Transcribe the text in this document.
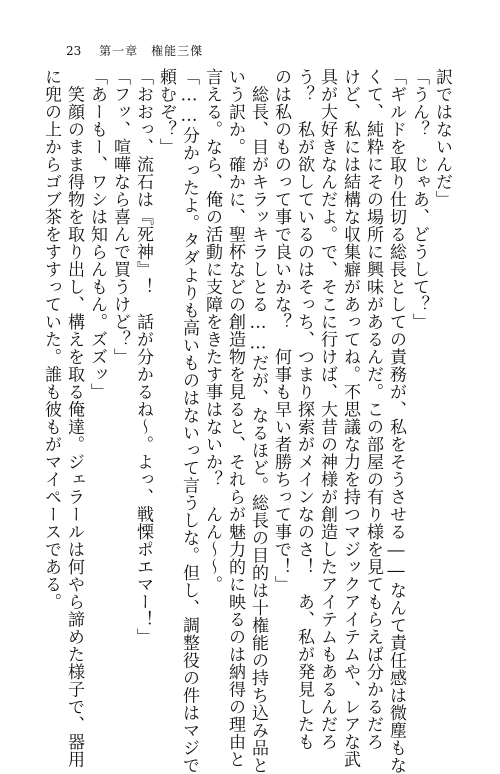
23 第一章　権能三傑
訳ではないんだ」
「うん？　じゃあ、どうして？」
「ギルドを取り仕切る総長としての責務が、私をそうさせる――なんて責任感は微塵もな
くて、純粋にその場所に興味があるんだ。この部屋の有り様を見てもらえば分かるだろ
けど、私には結構な収集癖があってね。不思議な力を持つマジックアイテムや、レアな武
具が大好きなんだよ。で、そこに行けば、大昔の神様が創造したアイテムもあるんだろ
う？　私が欲しているのはそっち、つまり探索がメインなのさ！　あ、私が発見したも
のは私のものって事で良いかな？　何事も早い者勝ちって事で！」
　総長、目がキラッキラしとる……だが、なるほど。総長の目的は十権能の持ち込み品と
いう訳か。確かに、聖杯などの創造物を見ると、それらが魅力的に映るのは納得の理由と
言える。なら、俺の活動に支障をきたす事はないか？　んん～～。
「……分かったよ。タダよりも高いものはないって言うしな。但し、調整役の件はマジで
頼むぞ？」
「おおっ、流石は『死神』！　話が分かるね～。よっ、戦慄ポエマー！」
「フッ、喧嘩なら喜んで買うけど？」
「あーもー、ワシは知らんもん。ズズッ」
　笑顔のまま得物を取り出し、構えを取る俺達。ジェラールは何やら諦めた様子で、器用
に兜の上からゴブ茶をすすっていた。誰も彼もがマイペースである。
